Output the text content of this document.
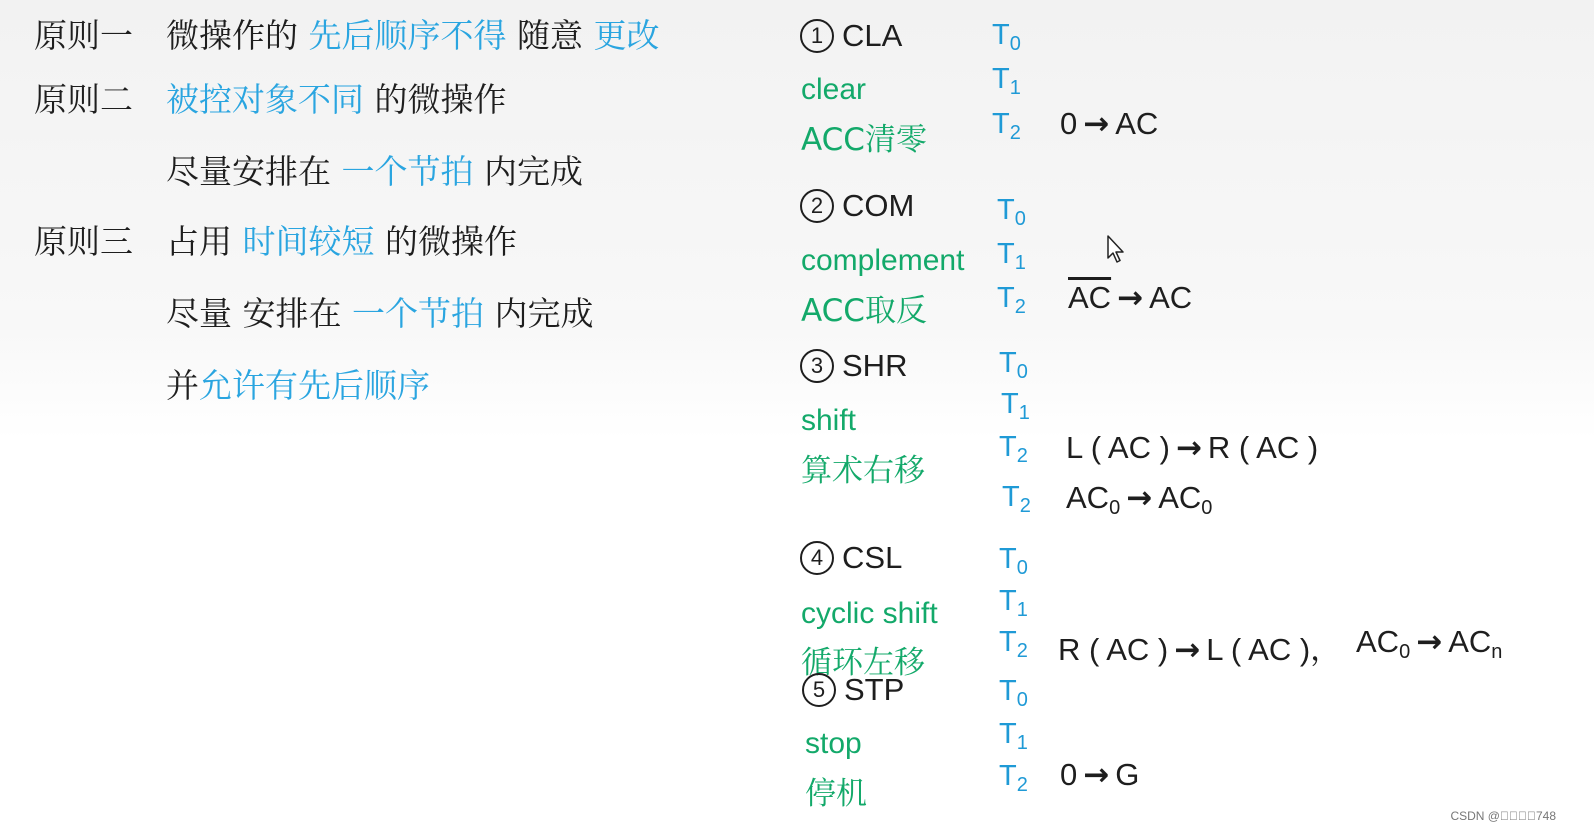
原则一 微操作的 先后顺序不得 随意 更改
原则二 被控对象不同 的微操作
尽量安排在 一个节拍 内完成
原则三 占用 时间较短 的微操作
尽量 安排在 一个节拍 内完成
并允许有先后顺序
1 CLA
clear
ACC清零
$T_0$
$T_1$
$T_2$ 0 → AC
2 COM
complement
ACC取反
$T_0$
$T_1$
$T_2$ $\overline{AC}$ → AC
3 SHR
shift
算术右移
$T_0$
$T_1$
$T_2$
$T_2$
L ( AC ) → R ( AC )
$AC_0 \to AC_0$
4 CSL
cyclic shift
循环左移
$T_0$
$T_1$
$T_2$ R ( AC ) → L ( AC )， $AC_0 \to AC_n$
5 STP
stop
停机
$T_0$
$T_1$
$T_2$ 0 → G
CSDN @    748
